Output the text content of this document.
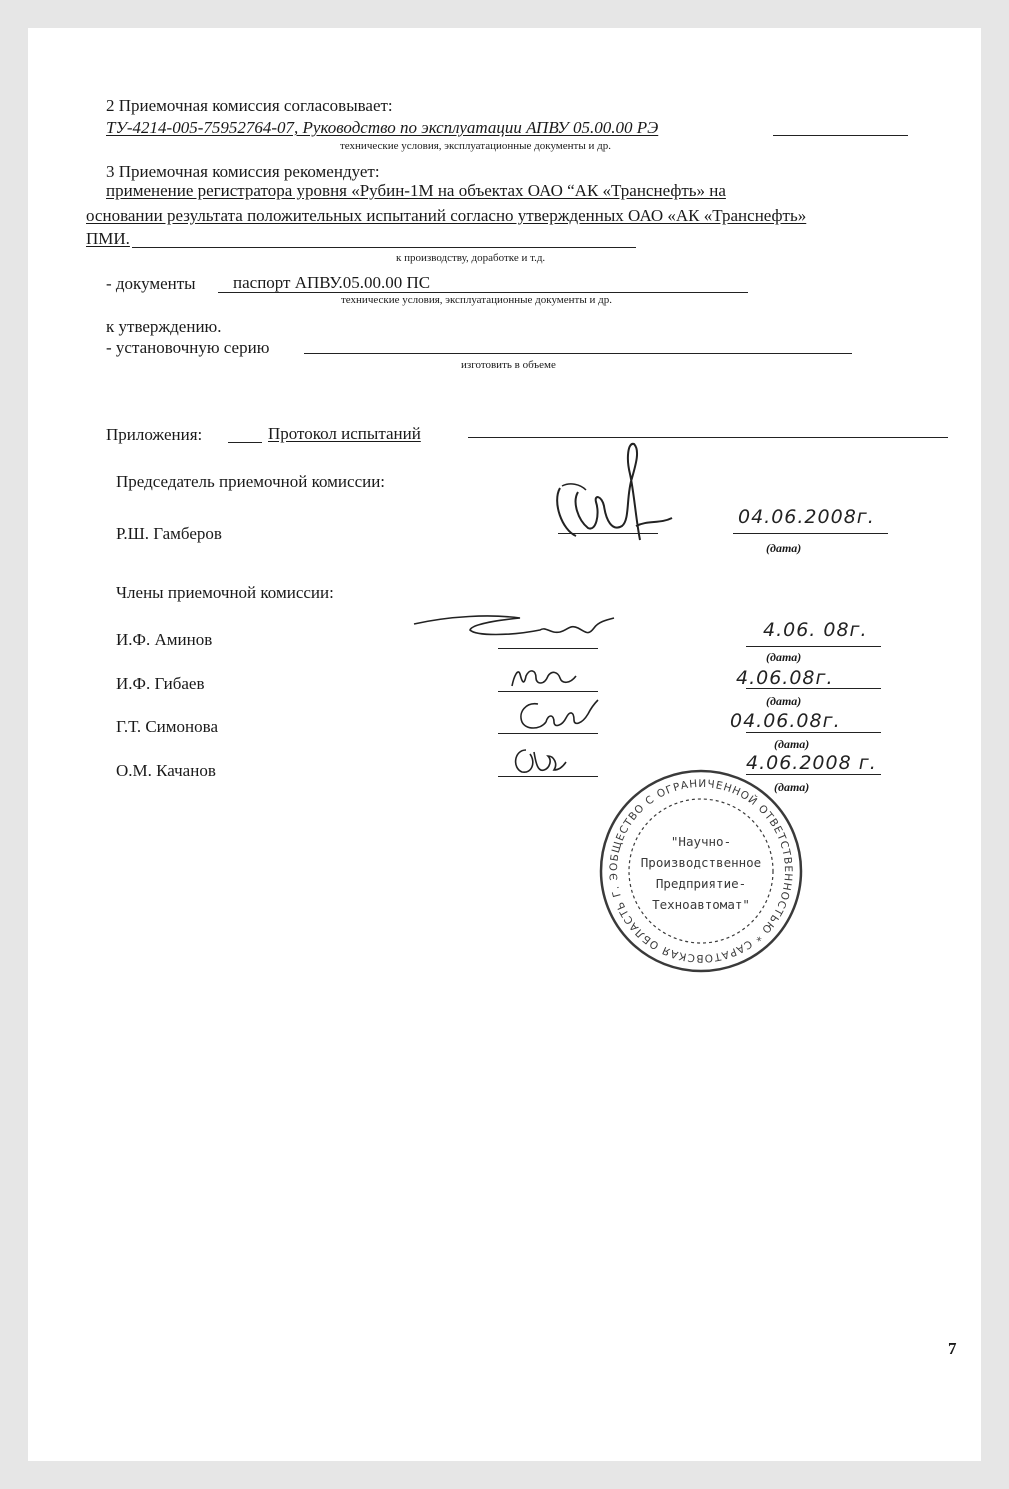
2 Приемочная комиссия согласовывает:
ТУ-4214-005-75952764-07, Руководство по эксплуатации АПВУ 05.00.00 РЭ
технические условия, эксплуатационные документы и др.
3 Приемочная комиссия рекомендует:
применение регистратора уровня «Рубин-1М на объектах ОАО “АК «Транснефть» на
основании результата положительных испытаний согласно утвержденных ОАО «АК «Транснефть»
ПМИ.
к производству, доработке и т.д.
- документы паспорт АПВУ.05.00.00 ПС
технические условия, эксплуатационные документы и др.
к утверждению.
- установочную серию
изготовить в объеме
Приложения:	Протокол испытаний
Председатель приемочной комиссии:
Р.Ш. Гамберов
04.06.2008г.
(дата)
Члены приемочной комиссии:
И.Ф. Аминов	4.06. 08г.
(дата)
И.Ф. Гибаев	4.06.08г.
(дата)
Г.Т. Симонова	04.06.08г.
(дата)
О.М. Качанов	4.06.2008 г.
(дата)
ОБЩЕСТВО С ОГРАНИЧЕННОЙ ОТВЕТСТВЕННОСТЬЮ * САРАТОВСКАЯ ОБЛАСТЬ Г. ЭНГЕЛЬС *
"Научно-
Производственное
Предприятие-
Техноавтомат"
7
